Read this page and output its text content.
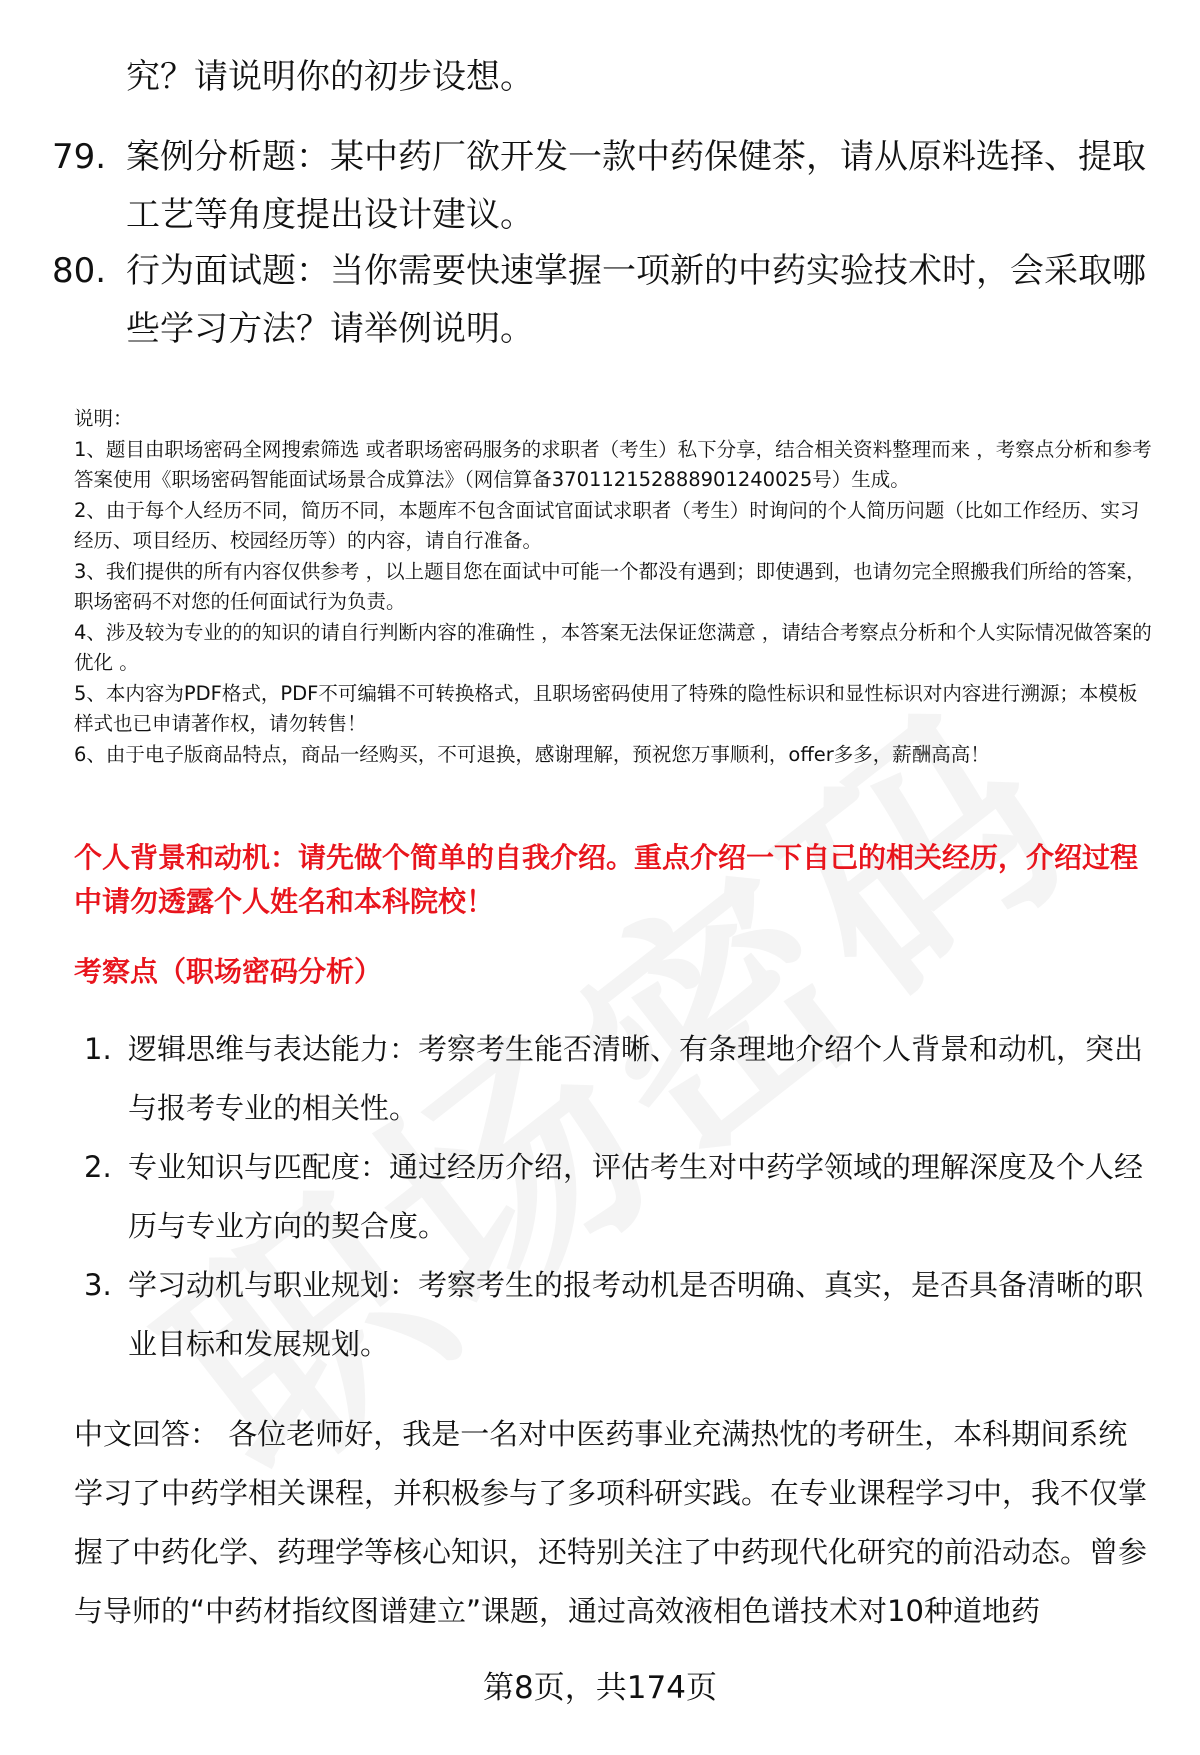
究？请说明你的初步设想。
79. 案例分析题：某中药厂欲开发一款中药保健茶，请从原料选择、提取工艺等角度提出设计建议。
80. 行为面试题：当你需要快速掌握一项新的中药实验技术时，会采取哪些学习方法？请举例说明。
说明：
1、题目由职场密码全网搜索筛选 或者职场密码服务的求职者（考生）私下分享，结合相关资料整理而来 ，考察点分析和参考答案使用《职场密码智能面试场景合成算法》（网信算备370112152888901240025号）生成。
2、由于每个人经历不同，简历不同，本题库不包含面试官面试求职者（考生）时询问的个人简历问题（比如工作经历、实习经历、项目经历、校园经历等）的内容，请自行准备。
3、我们提供的所有内容仅供参考 ，以上题目您在面试中可能一个都没有遇到；即使遇到，也请勿完全照搬我们所给的答案，职场密码不对您的任何面试行为负责。
4、涉及较为专业的的知识的请自行判断内容的准确性 ，本答案无法保证您满意 ，请结合考察点分析和个人实际情况做答案的优化 。
5、本内容为PDF格式，PDF不可编辑不可转换格式，且职场密码使用了特殊的隐性标识和显性标识对内容进行溯源；本模板样式也已申请著作权，请勿转售！
6、由于电子版商品特点，商品一经购买，不可退换，感谢理解，预祝您万事顺利，offer多多，薪酬高高！
个人背景和动机：请先做个简单的自我介绍。重点介绍一下自己的相关经历，介绍过程中请勿透露个人姓名和本科院校！
考察点（职场密码分析）
1. 逻辑思维与表达能力：考察考生能否清晰、有条理地介绍个人背景和动机，突出与报考专业的相关性。
2. 专业知识与匹配度：通过经历介绍，评估考生对中药学领域的理解深度及个人经历与专业方向的契合度。
3. 学习动机与职业规划：考察考生的报考动机是否明确、真实，是否具备清晰的职业目标和发展规划。
中文回答： 各位老师好，我是一名对中医药事业充满热忱的考研生，本科期间系统学习了中药学相关课程，并积极参与了多项科研实践。在专业课程学习中，我不仅掌握了中药化学、药理学等核心知识，还特别关注了中药现代化研究的前沿动态。曾参与导师的“中药材指纹图谱建立”课题，通过高效液相色谱技术对10种道地药
第8页，共174页
